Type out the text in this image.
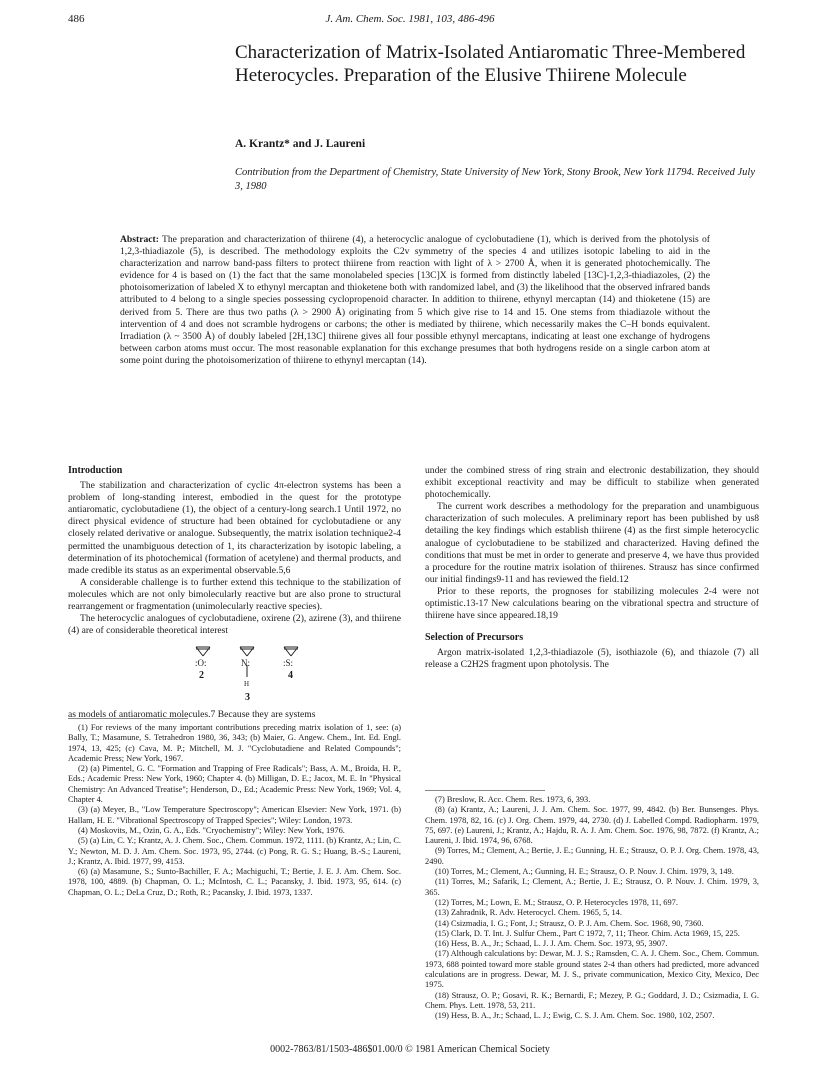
486	J. Am. Chem. Soc. 1981, 103, 486-496
Characterization of Matrix-Isolated Antiaromatic Three-Membered Heterocycles. Preparation of the Elusive Thiirene Molecule
A. Krantz* and J. Laureni
Contribution from the Department of Chemistry, State University of New York, Stony Brook, New York 11794. Received July 3, 1980
Abstract: The preparation and characterization of thiirene (4), a heterocyclic analogue of cyclobutadiene (1), which is derived from the photolysis of 1,2,3-thiadiazole (5), is described. The methodology exploits the C2v symmetry of the species 4 and utilizes isotopic labeling to aid in the characterization and narrow band-pass filters to protect thiirene from reaction with light of λ > 2700 Å, when it is generated photochemically. The evidence for 4 is based on (1) the fact that the same monolabeled species [13C]X is formed from distinctly labeled [13C]-1,2,3-thiadiazoles, (2) the photoisomerization of labeled X to ethynyl mercaptan and thioketene both with randomized label, and (3) the likelihood that the observed infrared bands attributed to 4 belong to a single species possessing cyclopropenoid character. In addition to thiirene, ethynyl mercaptan (14) and thioketene (15) are derived from 5. There are thus two paths (λ > 2900 Å) originating from 5 which give rise to 14 and 15. One stems from thiadiazole without the intervention of 4 and does not scramble hydrogens or carbons; the other is mediated by thiirene, which necessarily makes the C–H bonds equivalent. Irradiation (λ ~ 3500 Å) of doubly labeled [2H,13C] thiirene gives all four possible ethynyl mercaptans, indicating at least one exchange of hydrogens between carbon atoms must occur. The most reasonable explanation for this exchange presumes that both hydrogens reside on a single carbon atom at some point during the photoisomerization of thiirene to ethynyl mercaptan (14).
Introduction

The stabilization and characterization of cyclic 4π-electron systems has been a problem of long-standing interest, embodied in the quest for the prototype antiaromatic, cyclobutadiene (1), the object of a century-long search.1 Until 1972, no direct physical evidence of structure had been obtained for cyclobutadiene or any closely related derivative or analogue. Subsequently, the matrix isolation technique2-4 permitted the unambiguous detection of 1, its characterization by isotopic labeling, a determination of its photochemical (formation of acetylene) and thermal products, and made credible its status as an experimental observable.5,6

A considerable challenge is to further extend this technique to the stabilization of molecules which are not only bimolecularly reactive but are also prone to structural rearrangement or fragmentation (unimolecularly reactive species).

The heterocyclic analogues of cyclobutadiene, oxirene (2), azirene (3), and thiirene (4) are of considerable theoretical interest

:O:	N:	:S:
H
2
3
4

as models of antiaromatic molecules.7 Because they are systems

(1) For reviews of the many important contributions preceding matrix isolation of 1, see: (a) Bally, T.; Masamune, S. Tetrahedron 1980, 36, 343; (b) Maier, G. Angew. Chem., Int. Ed. Engl. 1974, 13, 425; (c) Cava, M. P.; Mitchell, M. J. "Cyclobutadiene and Related Compounds"; Academic Press; New York, 1967.
(2) (a) Pimentel, G. C. "Formation and Trapping of Free Radicals"; Bass, A. M., Broida, H. P., Eds.; Academic Press: New York, 1960; Chapter 4. (b) Milligan, D. E.; Jacox, M. E. In "Physical Chemistry: An Advanced Treatise"; Henderson, D., Ed.; Academic Press: New York, 1969; Vol. 4, Chapter 4.
(3) (a) Meyer, B., "Low Temperature Spectroscopy"; American Elsevier: New York, 1971. (b) Hallam, H. E. "Vibrational Spectroscopy of Trapped Species"; Wiley: London, 1973.
(4) Moskovits, M., Ozin, G. A., Eds. "Cryochemistry"; Wiley: New York, 1976.
(5) (a) Lin, C. Y.; Krantz, A. J. Chem. Soc., Chem. Commun. 1972, 1111. (b) Krantz, A.; Lin, C. Y.; Newton, M. D. J. Am. Chem. Soc. 1973, 95, 2744. (c) Pong, R. G. S.; Huang, B.-S.; Laureni, J.; Krantz, A. Ibid. 1977, 99, 4153.
(6) (a) Masamune, S.; Sunto-Bachiller, F. A.; Machiguchi, T.; Bertie, J. E. J. Am. Chem. Soc. 1978, 100, 4889. (b) Chapman, O. L.; McIntosh, C. L.; Pacansky, J. Ibid. 1973, 95, 614. (c) Chapman, O. L.; DeLa Cruz, D.; Roth, R.; Pacansky, J. Ibid. 1973, 1337.

under the combined stress of ring strain and electronic destabilization, they should exhibit exceptional reactivity and may be difficult to stabilize when generated photochemically.

The current work describes a methodology for the preparation and unambiguous characterization of such molecules. A preliminary report has been published by us8 detailing the key findings which establish thiirene (4) as the first simple heterocyclic analogue of cyclobutadiene to be stabilized and characterized. Having defined the conditions that must be met in order to generate and preserve 4, we have thus provided a procedure for the routine matrix isolation of thiirenes. Strausz has since confirmed our initial findings9-11 and has reviewed the field.12

Prior to these reports, the prognoses for stabilizing molecules 2-4 were not optimistic.13-17 New calculations bearing on the vibrational spectra and structure of thiirene have since appeared.18,19

Selection of Precursors

Argon matrix-isolated 1,2,3-thiadiazole (5), isothiazole (6), and thiazole (7) all release a C2H2S fragment upon photolysis. The

(7) Breslow, R. Acc. Chem. Res. 1973, 6, 393.
(8) (a) Krantz, A.; Laureni, J. J. Am. Chem. Soc. 1977, 99, 4842. (b) Ber. Bunsenges. Phys. Chem. 1978, 82, 16. (c) J. Org. Chem. 1979, 44, 2730. (d) J. Labelled Compd. Radiopharm. 1979, 75, 697. (e) Laureni, J.; Krantz, A.; Hajdu, R. A. J. Am. Chem. Soc. 1976, 98, 7872. (f) Krantz, A.; Laureni, J. Ibid. 1974, 96, 6768.
(9) Torres, M.; Clement, A.; Bertie, J. E.; Gunning, H. E.; Strausz, O. P. J. Org. Chem. 1978, 43, 2490.
(10) Torres, M.; Clement, A.; Gunning, H. E.; Strausz, O. P. Nouv. J. Chim. 1979, 3, 149.
(11) Torres, M.; Safarik, I.; Clement, A.; Bertie, J. E.; Strausz, O. P. Nouv. J. Chim. 1979, 3, 365.
(12) Torres, M.; Lown, E. M.; Strausz, O. P. Heterocycles 1978, 11, 697.
(13) Zahradnik, R. Adv. Heterocycl. Chem. 1965, 5, 14.
(14) Csizmadia, I. G.; Font, J.; Strausz, O. P. J. Am. Chem. Soc. 1968, 90, 7360.
(15) Clark, D. T. Int. J. Sulfur Chem., Part C 1972, 7, 11; Theor. Chim. Acta 1969, 15, 225.
(16) Hess, B. A., Jr.; Schaad, L. J. J. Am. Chem. Soc. 1973, 95, 3907.
(17) Although calculations by: Dewar, M. J. S.; Ramsden, C. A. J. Chem. Soc., Chem. Commun. 1973, 688 pointed toward more stable ground states 2-4 than others had predicted, more advanced calculations are in progress. Dewar, M. J. S., private communication, Mexico City, Mexico, Dec 1975.
(18) Strausz, O. P.; Gosavi, R. K.; Bernardi, F.; Mezey, P. G.; Goddard, J. D.; Csizmadia, I. G. Chem. Phys. Lett. 1978, 53, 211.
(19) Hess, B. A., Jr.; Schaad, L. J.; Ewig, C. S. J. Am. Chem. Soc. 1980, 102, 2507.
0002-7863/81/1503-486$01.00/0 © 1981 American Chemical Society
